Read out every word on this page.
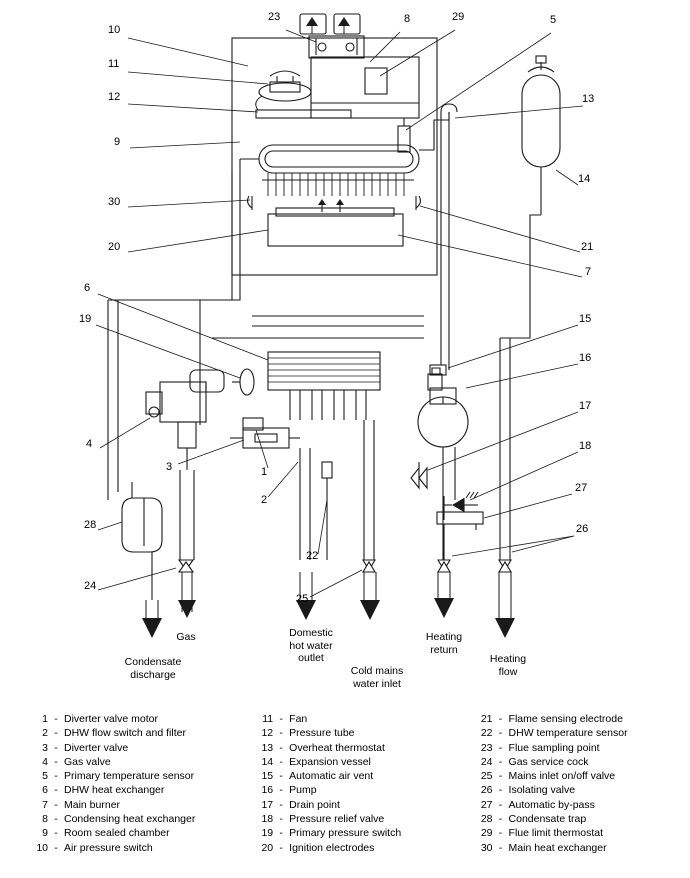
23	8	29	5
10
11
13
12
9
14
30
20	21
7
6
19	15
16
17
4	18
3	1
27
2
28	26
22
24
25
Gas
Condensate
discharge
Domestic
hot water
outlet
Cold mains
water inlet
Heating
return
Heating
flow
1 - Diverter valve motor
2 - DHW flow switch and filter
3 - Diverter valve
4 - Gas valve
5 - Primary temperature sensor
6 - DHW heat exchanger
7 - Main burner
8 - Condensing heat exchanger
9 - Room sealed chamber
10 - Air pressure switch
11 - Fan
12 - Pressure tube
13 - Overheat thermostat
14 - Expansion vessel
15 - Automatic air vent
16 - Pump
17 - Drain point
18 - Pressure relief valve
19 - Primary pressure switch
20 - Ignition electrodes
21 - Flame sensing electrode
22 - DHW temperature sensor
23 - Flue sampling point
24 - Gas service cock
25 - Mains inlet on/off valve
26 - Isolating valve
27 - Automatic by-pass
28 - Condensate trap
29 - Flue limit thermostat
30 - Main heat exchanger
